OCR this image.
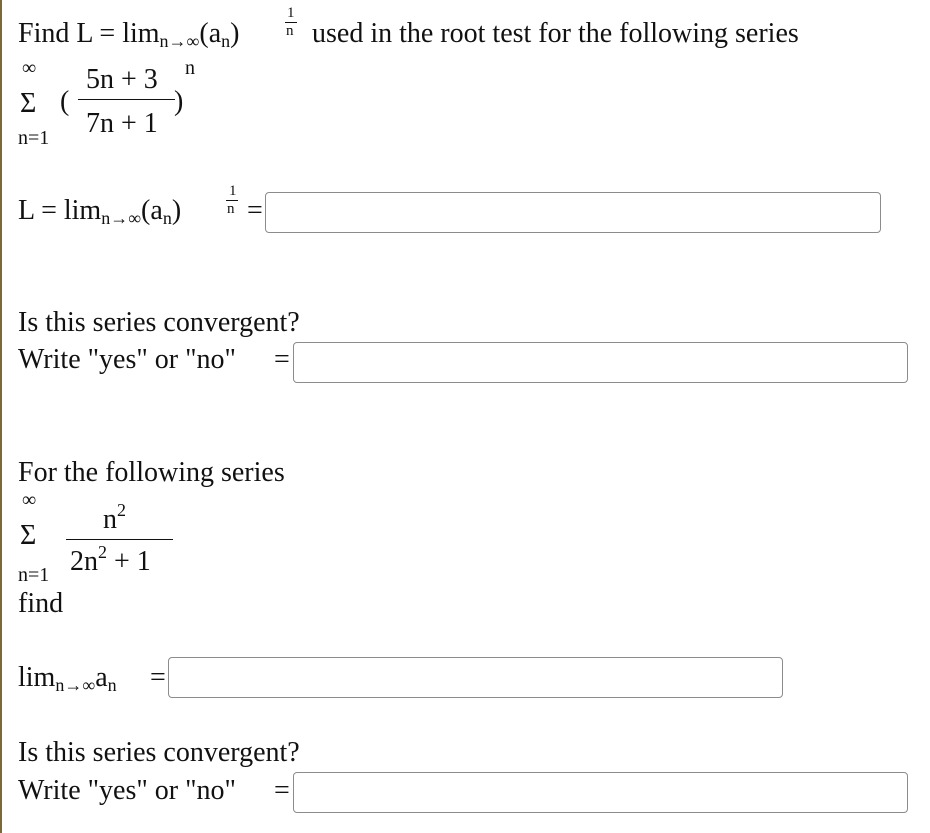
Find $L = \lim_{n\to\infty}(a_n)$
1
n used in the root test for the following series
∞
Σ
n=1
(
5n + 3
7n + 1
)
n
$L = \lim_{n\to\infty}(a_n)$
1
n =
Is this series convergent?
Write "yes" or "no" =
For the following series
∞
Σ
n=1
$n^2$
$2n^2 + 1$
find
$\lim_{n\to\infty}a_n$ =
Is this series convergent?
Write "yes" or "no" =
